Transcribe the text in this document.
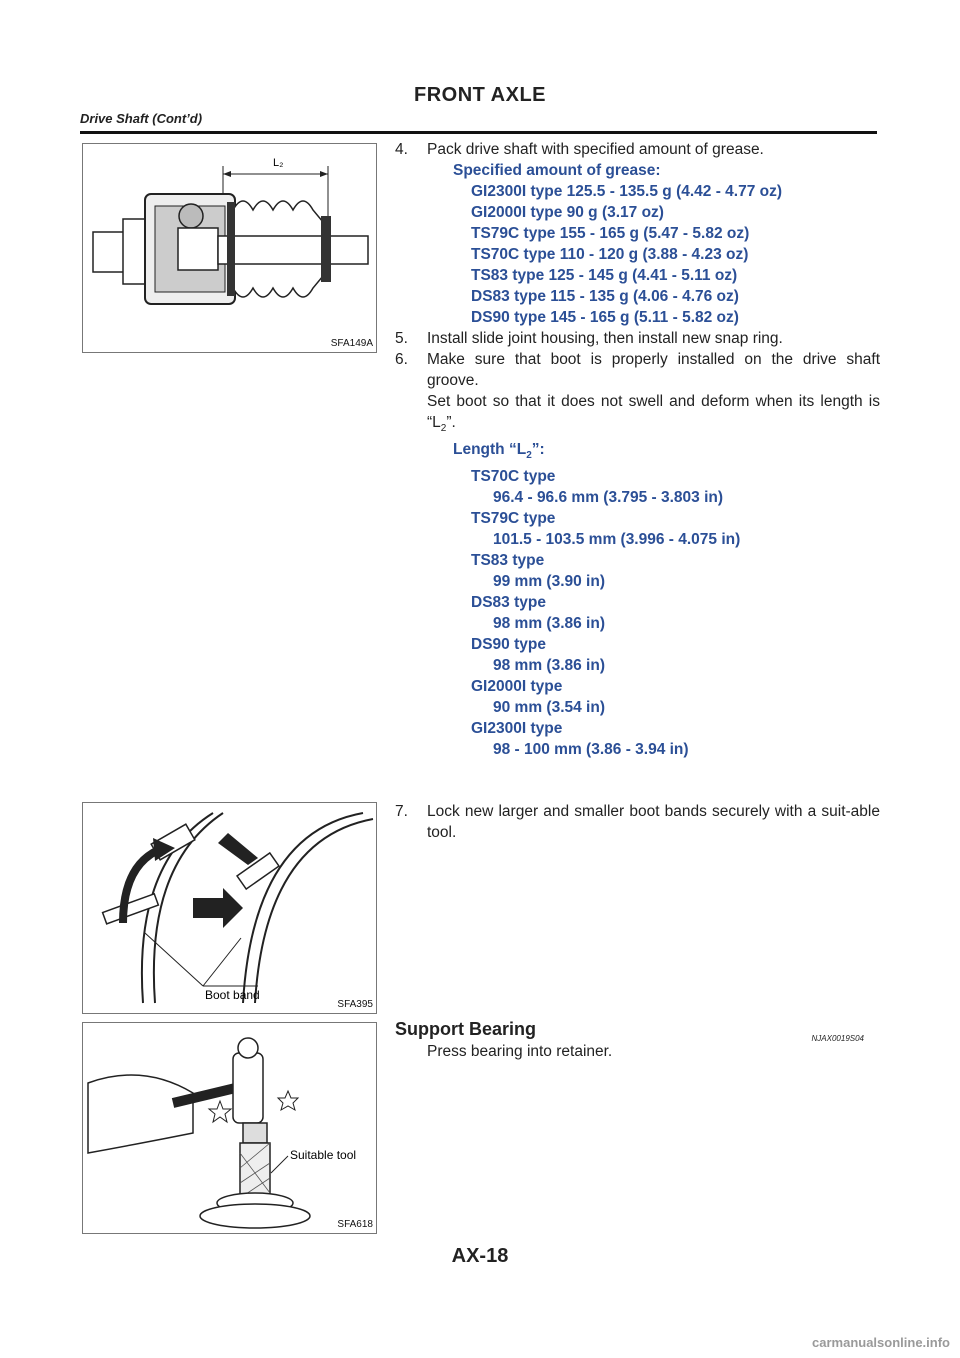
FRONT AXLE
Drive Shaft (Cont’d)
L₂
SFA149A
Boot band
SFA395
Suitable tool
SFA618
4.	Pack drive shaft with specified amount of grease.
Specified amount of grease:
GI2300I type 125.5 - 135.5 g (4.42 - 4.77 oz)
GI2000I type 90 g (3.17 oz)
TS79C type 155 - 165 g (5.47 - 5.82 oz)
TS70C type 110 - 120 g (3.88 - 4.23 oz)
TS83 type 125 - 145 g (4.41 - 5.11 oz)
DS83 type 115 - 135 g (4.06 - 4.76 oz)
DS90 type 145 - 165 g (5.11 - 5.82 oz)
5.	Install slide joint housing, then install new snap ring.
6.	Make sure that boot is properly installed on the drive shaft groove.
Set boot so that it does not swell and deform when its length is “$L_2$”.
Length “$L_2$”:
TS70C type
96.4 - 96.6 mm (3.795 - 3.803 in)
TS79C type
101.5 - 103.5 mm (3.996 - 4.075 in)
TS83 type
99 mm (3.90 in)
DS83 type
98 mm (3.86 in)
DS90 type
98 mm (3.86 in)
GI2000I type
90 mm (3.54 in)
GI2300I type
98 - 100 mm (3.86 - 3.94 in)
7.	Lock new larger and smaller boot bands securely with a suit-able tool.
Support Bearing	NJAX0019S04
Press bearing into retainer.
AX-18
carmanualsonline.info
